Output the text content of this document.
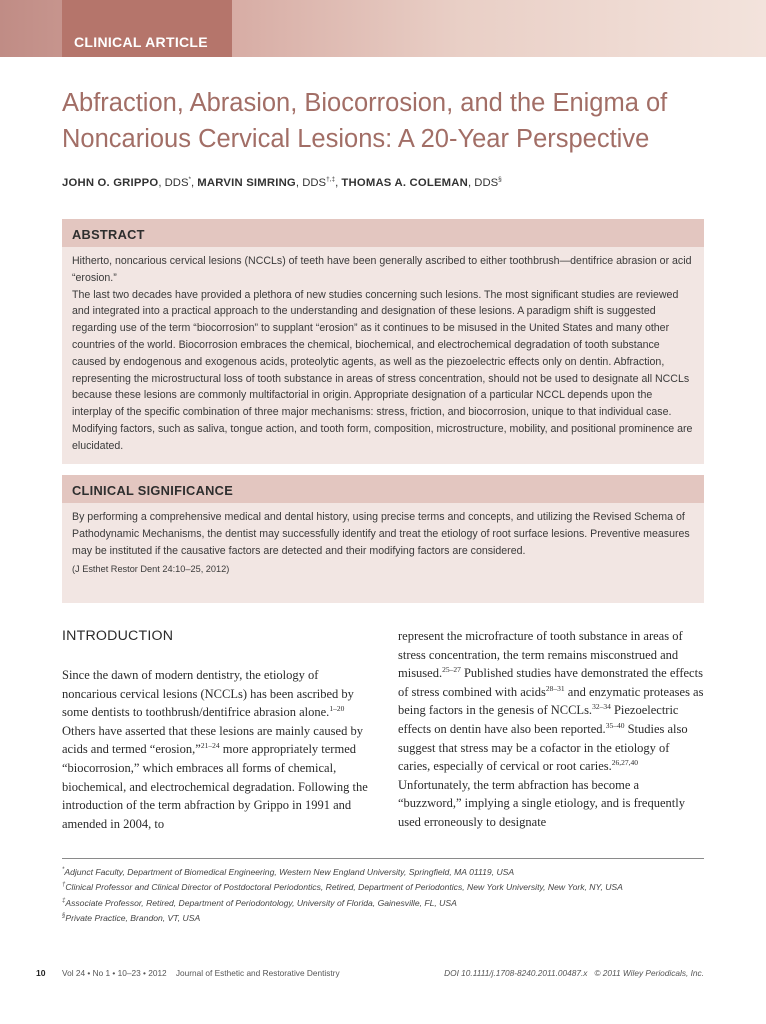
CLINICAL ARTICLE
Abfraction, Abrasion, Biocorrosion, and the Enigma of
Noncarious Cervical Lesions: A 20-Year Perspective
JOHN O. GRIPPO, DDS*, MARVIN SIMRING, DDS†,‡, THOMAS A. COLEMAN, DDS§
ABSTRACT

Hitherto, noncarious cervical lesions (NCCLs) of teeth have been generally ascribed to either toothbrush—dentifrice abrasion or acid “erosion.”

The last two decades have provided a plethora of new studies concerning such lesions. The most significant studies are reviewed and integrated into a practical approach to the understanding and designation of these lesions. A paradigm shift is suggested regarding use of the term “biocorrosion” to supplant “erosion” as it continues to be misused in the United States and many other countries of the world. Biocorrosion embraces the chemical, biochemical, and electrochemical degradation of tooth substance caused by endogenous and exogenous acids, proteolytic agents, as well as the piezoelectric effects only on dentin. Abfraction, representing the microstructural loss of tooth substance in areas of stress concentration, should not be used to designate all NCCLs because these lesions are commonly multifactorial in origin. Appropriate designation of a particular NCCL depends upon the interplay of the specific combination of three major mechanisms: stress, friction, and biocorrosion, unique to that individual case. Modifying factors, such as saliva, tongue action, and tooth form, composition, microstructure, mobility, and positional prominence are elucidated.

CLINICAL SIGNIFICANCE

By performing a comprehensive medical and dental history, using precise terms and concepts, and utilizing the Revised Schema of Pathodynamic Mechanisms, the dentist may successfully identify and treat the etiology of root surface lesions. Preventive measures may be instituted if the causative factors are detected and their modifying factors are considered.

(J Esthet Restor Dent 24:10–25, 2012)

INTRODUCTION

Since the dawn of modern dentistry, the etiology of noncarious cervical lesions (NCCLs) has been ascribed by some dentists to toothbrush/dentifrice abrasion alone.$^{1-20}$ Others have asserted that these lesions are mainly caused by acids and termed “erosion,”$^{21-24}$ more appropriately termed “biocorrosion,” which embraces all forms of chemical, biochemical, and electrochemical degradation. Following the introduction of the term abfraction by Grippo in 1991 and amended in 2004, to

represent the microfracture of tooth substance in areas of stress concentration, the term remains misconstrued and misused.$^{25-27}$ Published studies have demonstrated the effects of stress combined with acids$^{28-31}$ and enzymatic proteases as being factors in the genesis of NCCLs.$^{32-34}$ Piezoelectric effects on dentin have also been reported.$^{35-40}$ Studies also suggest that stress may be a cofactor in the etiology of caries, especially of cervical or root caries.$^{26,27,40}$ Unfortunately, the term abfraction has become a “buzzword,” implying a single etiology, and is frequently used erroneously to designate

*Adjunct Faculty, Department of Biomedical Engineering, Western New England University, Springfield, MA 01119, USA
†Clinical Professor and Clinical Director of Postdoctoral Periodontics, Retired, Department of Periodontics, New York University, New York, NY, USA
‡Associate Professor, Retired, Department of Periodontology, University of Florida, Gainesville, FL, USA
§Private Practice, Brandon, VT, USA
10 Vol 24 • No 1 • 10–23 • 2012    Journal of Esthetic and Restorative Dentistry	DOI 10.1111/j.1708-8240.2011.00487.x   © 2011 Wiley Periodicals, Inc.
